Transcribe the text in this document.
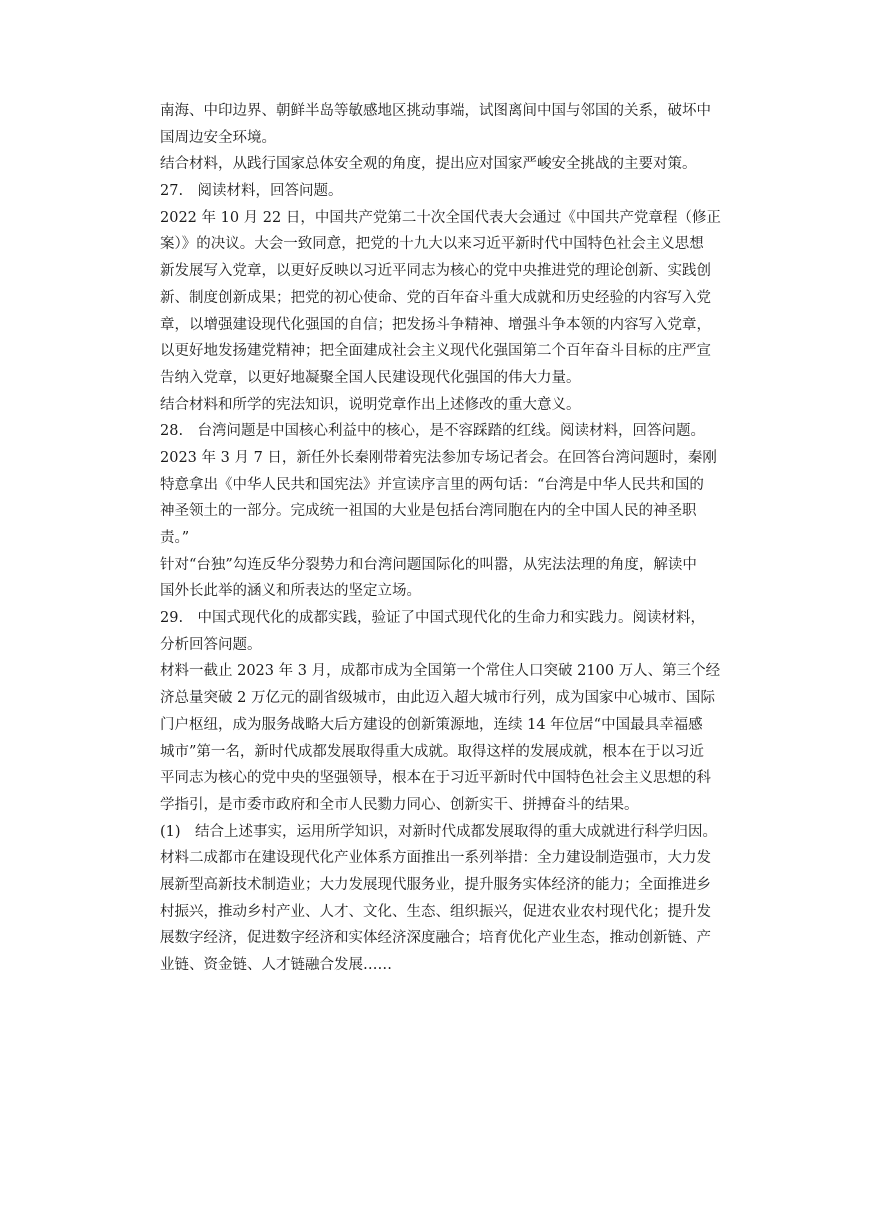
南海、中印边界、朝鲜半岛等敏感地区挑动事端，试图离间中国与邻国的关系，破坏中
国周边安全环境。
结合材料，从践行国家总体安全观的角度，提出应对国家严峻安全挑战的主要对策。
27.　阅读材料，回答问题。
2022 年 10 月 22 日，中国共产党第二十次全国代表大会通过《中国共产党章程（修正
案）》的决议。大会一致同意，把党的十九大以来习近平新时代中国特色社会主义思想
新发展写入党章，以更好反映以习近平同志为核心的党中央推进党的理论创新、实践创
新、制度创新成果；把党的初心使命、党的百年奋斗重大成就和历史经验的内容写入党
章，以增强建设现代化强国的自信；把发扬斗争精神、增强斗争本领的内容写入党章，
以更好地发扬建党精神；把全面建成社会主义现代化强国第二个百年奋斗目标的庄严宣
告纳入党章，以更好地凝聚全国人民建设现代化强国的伟大力量。
结合材料和所学的宪法知识，说明党章作出上述修改的重大意义。
28.　台湾问题是中国核心利益中的核心，是不容踩踏的红线。阅读材料，回答问题。
2023 年 3 月 7 日，新任外长秦刚带着宪法参加专场记者会。在回答台湾问题时，秦刚
特意拿出《中华人民共和国宪法》并宣读序言里的两句话：“台湾是中华人民共和国的
神圣领土的一部分。完成统一祖国的大业是包括台湾同胞在内的全中国人民的神圣职
责。”
针对“台独”勾连反华分裂势力和台湾问题国际化的叫嚣，从宪法法理的角度，解读中
国外长此举的涵义和所表达的坚定立场。
29.　中国式现代化的成都实践，验证了中国式现代化的生命力和实践力。阅读材料，
分析回答问题。
材料一截止 2023 年 3 月，成都市成为全国第一个常住人口突破 2100 万人、第三个经
济总量突破 2 万亿元的副省级城市，由此迈入超大城市行列，成为国家中心城市、国际
门户枢纽，成为服务战略大后方建设的创新策源地，连续 14 年位居“中国最具幸福感
城市”第一名，新时代成都发展取得重大成就。取得这样的发展成就，根本在于以习近
平同志为核心的党中央的坚强领导，根本在于习近平新时代中国特色社会主义思想的科
学指引，是市委市政府和全市人民勠力同心、创新实干、拼搏奋斗的结果。
(1)　结合上述事实，运用所学知识，对新时代成都发展取得的重大成就进行科学归因。
材料二成都市在建设现代化产业体系方面推出一系列举措：全力建设制造强市，大力发
展新型高新技术制造业；大力发展现代服务业，提升服务实体经济的能力；全面推进乡
村振兴，推动乡村产业、人才、文化、生态、组织振兴，促进农业农村现代化；提升发
展数字经济，促进数字经济和实体经济深度融合；培育优化产业生态，推动创新链、产
业链、资金链、人才链融合发展……
